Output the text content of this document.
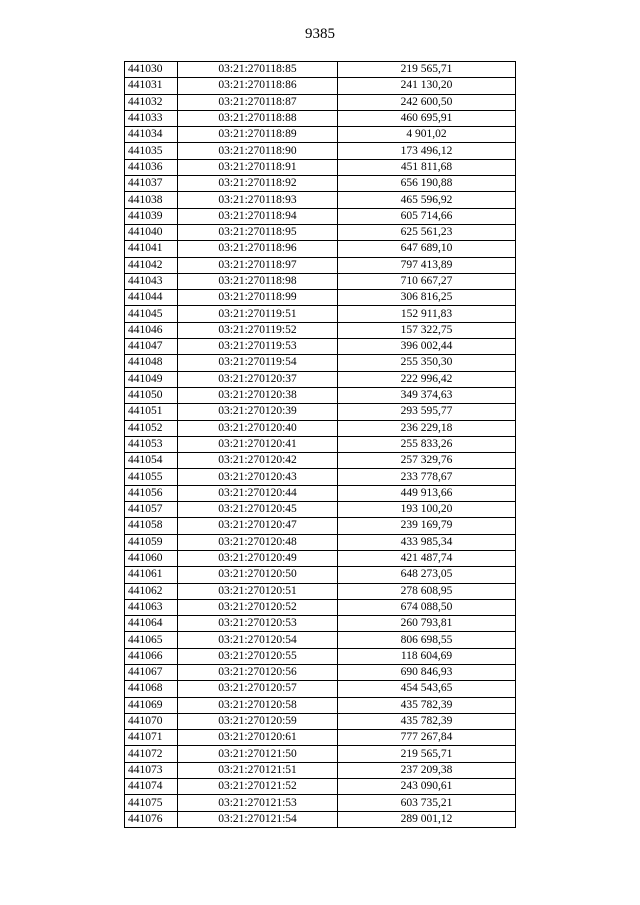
9385
441030	03:21:270118:85	219 565,71
441031	03:21:270118:86	241 130,20
441032	03:21:270118:87	242 600,50
441033	03:21:270118:88	460 695,91
441034	03:21:270118:89	4 901,02
441035	03:21:270118:90	173 496,12
441036	03:21:270118:91	451 811,68
441037	03:21:270118:92	656 190,88
441038	03:21:270118:93	465 596,92
441039	03:21:270118:94	605 714,66
441040	03:21:270118:95	625 561,23
441041	03:21:270118:96	647 689,10
441042	03:21:270118:97	797 413,89
441043	03:21:270118:98	710 667,27
441044	03:21:270118:99	306 816,25
441045	03:21:270119:51	152 911,83
441046	03:21:270119:52	157 322,75
441047	03:21:270119:53	396 002,44
441048	03:21:270119:54	255 350,30
441049	03:21:270120:37	222 996,42
441050	03:21:270120:38	349 374,63
441051	03:21:270120:39	293 595,77
441052	03:21:270120:40	236 229,18
441053	03:21:270120:41	255 833,26
441054	03:21:270120:42	257 329,76
441055	03:21:270120:43	233 778,67
441056	03:21:270120:44	449 913,66
441057	03:21:270120:45	193 100,20
441058	03:21:270120:47	239 169,79
441059	03:21:270120:48	433 985,34
441060	03:21:270120:49	421 487,74
441061	03:21:270120:50	648 273,05
441062	03:21:270120:51	278 608,95
441063	03:21:270120:52	674 088,50
441064	03:21:270120:53	260 793,81
441065	03:21:270120:54	806 698,55
441066	03:21:270120:55	118 604,69
441067	03:21:270120:56	690 846,93
441068	03:21:270120:57	454 543,65
441069	03:21:270120:58	435 782,39
441070	03:21:270120:59	435 782,39
441071	03:21:270120:61	777 267,84
441072	03:21:270121:50	219 565,71
441073	03:21:270121:51	237 209,38
441074	03:21:270121:52	243 090,61
441075	03:21:270121:53	603 735,21
441076	03:21:270121:54	289 001,12
